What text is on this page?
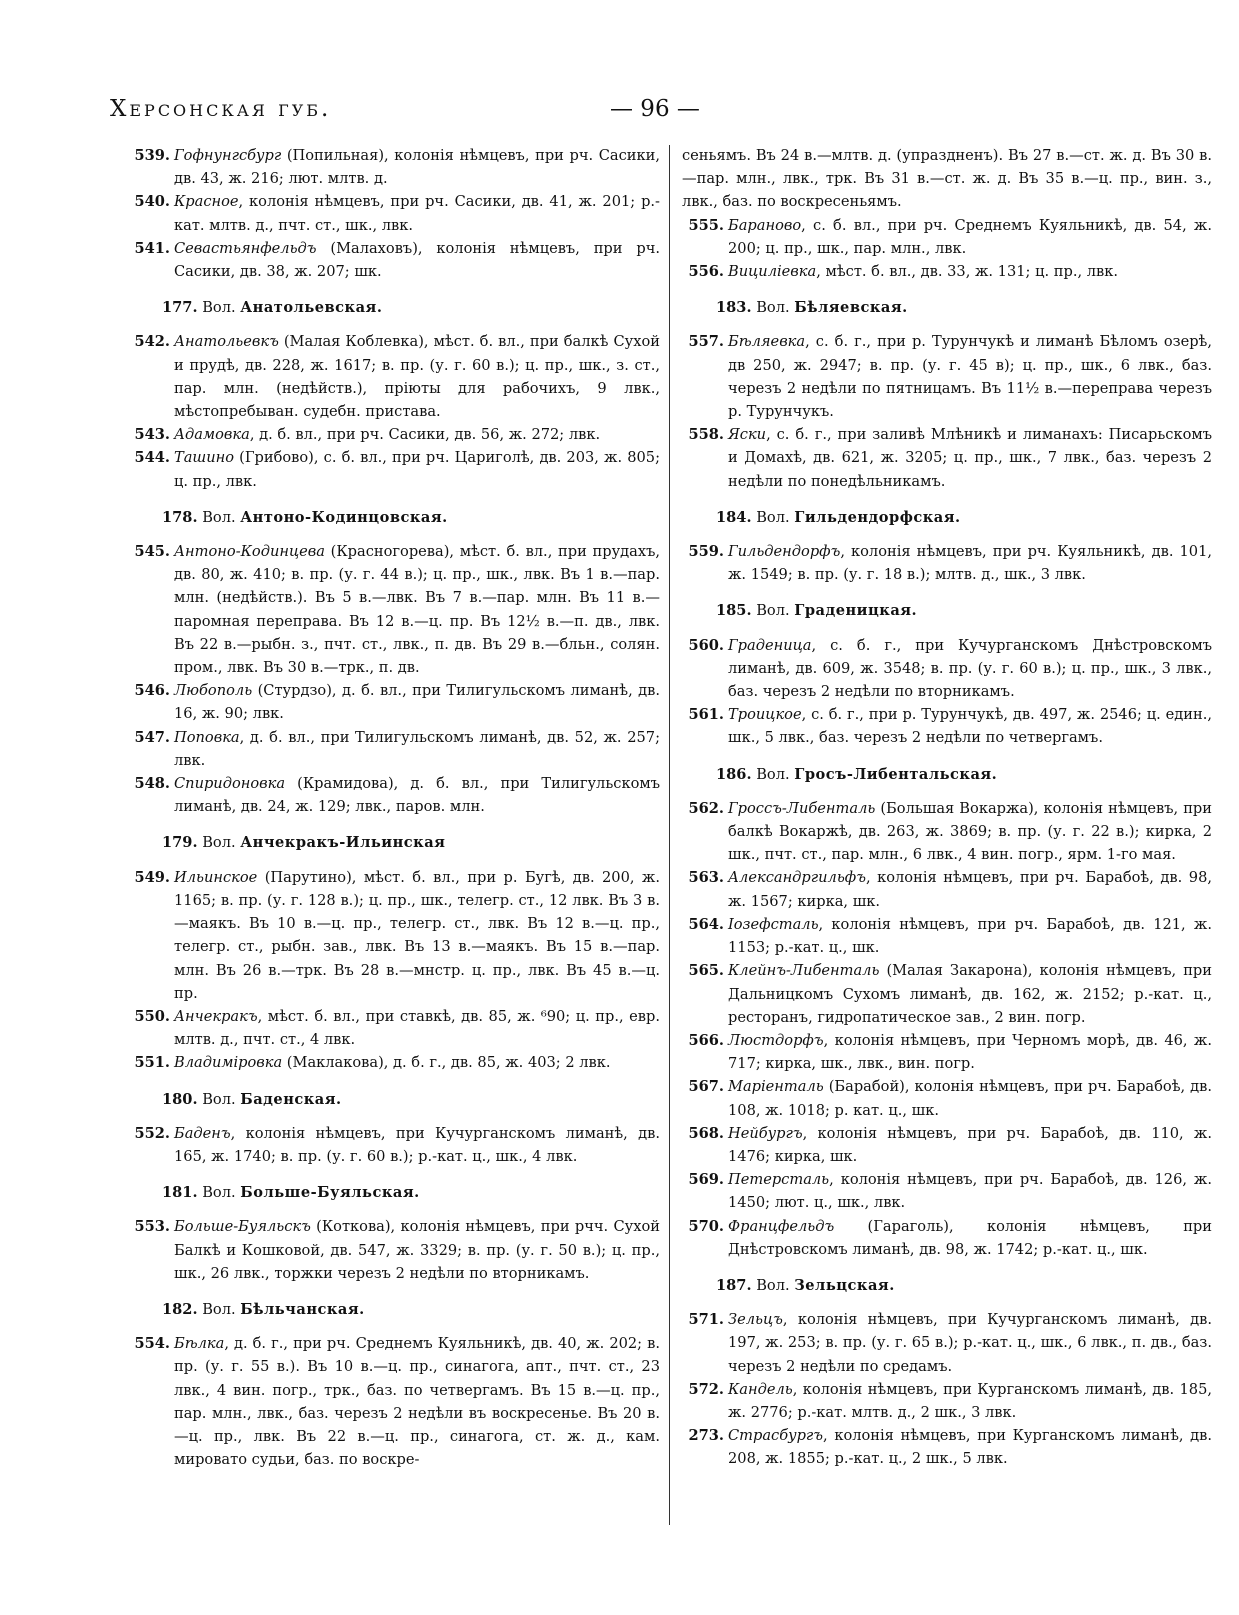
Херсонская губ.	— 96 —
539. Гофнунгсбург (Попильная), колонія нѣмцевъ, при рч. Сасики, дв. 43, ж. 216; лют. млтв. д.
540. Красное, колонія нѣмцевъ, при рч. Сасики, дв. 41, ж. 201; р.-кат. млтв. д., пчт. ст., шк., лвк.
541. Севастьянфельдъ (Малаховъ), колонія нѣмцевъ, при рч. Сасики, дв. 38, ж. 207; шк.
177. Вол. Анатольевская.
542. Анатольевкъ (Малая Коблевка), мѣст. б. вл., при балкѣ Сухой и прудѣ, дв. 228, ж. 1617; в. пр. (у. г. 60 в.); ц. пр., шк., з. ст., пар. млн. (недѣйств.), пріюты для рабочихъ, 9 лвк., мѣстопребыван. судебн. пристава.
543. Адамовка, д. б. вл., при рч. Сасики, дв. 56, ж. 272; лвк.
544. Ташино (Грибово), с. б. вл., при рч. Цариголѣ, дв. 203, ж. 805; ц. пр., лвк.
178. Вол. Антоно-Кодинцовская.
545. Антоно-Кодинцева (Красногорева), мѣст. б. вл., при прудахъ, дв. 80, ж. 410; в. пр. (у. г. 44 в.); ц. пр., шк., лвк. Въ 1 в.—пар. млн. (недѣйств.). Въ 5 в.—лвк. Въ 7 в.—пар. млн. Въ 11 в.—паромная переправа. Въ 12 в.—ц. пр. Въ 12½ в.—п. дв., лвк. Въ 22 в.—рыбн. з., пчт. ст., лвк., п. дв. Въ 29 в.—бльн., солян. пром., лвк. Въ 30 в.—трк., п. дв.
546. Любополь (Стурдзо), д. б. вл., при Тилигульскомъ лиманѣ, дв. 16, ж. 90; лвк.
547. Поповка, д. б. вл., при Тилигульскомъ лиманѣ, дв. 52, ж. 257; лвк.
548. Спиридоновка (Крамидова), д. б. вл., при Тилигульскомъ лиманѣ, дв. 24, ж. 129; лвк., паров. млн.
179. Вол. Анчекракъ-Ильинская
549. Ильинское (Парутино), мѣст. б. вл., при р. Бугѣ, дв. 200, ж. 1165; в. пр. (у. г. 128 в.); ц. пр., шк., телегр. ст., 12 лвк. Въ 3 в.—маякъ. Въ 10 в.—ц. пр., телегр. ст., лвк. Въ 12 в.—ц. пр., телегр. ст., рыбн. зав., лвк. Въ 13 в.—маякъ. Въ 15 в.—пар. млн. Въ 26 в.—трк. Въ 28 в.—мнстр. ц. пр., лвк. Въ 45 в.—ц. пр.
550. Анчекракъ, мѣст. б. вл., при ставкѣ, дв. 85, ж. ⁶90; ц. пр., евр. млтв. д., пчт. ст., 4 лвк.
551. Владиміровка (Маклакова), д. б. г., дв. 85, ж. 403; 2 лвк.
180. Вол. Баденская.
552. Баденъ, колонія нѣмцевъ, при Кучурганскомъ лиманѣ, дв. 165, ж. 1740; в. пр. (у. г. 60 в.); р.-кат. ц., шк., 4 лвк.
181. Вол. Больше-Буяльская.
553. Больше-Буяльскъ (Коткова), колонія нѣмцевъ, при рчч. Сухой Балкѣ и Кошковой, дв. 547, ж. 3329; в. пр. (у. г. 50 в.); ц. пр., шк., 26 лвк., торжки черезъ 2 недѣли по вторникамъ.
182. Вол. Бѣльчанская.
554. Бѣлка, д. б. г., при рч. Среднемъ Куяльникѣ, дв. 40, ж. 202; в. пр. (у. г. 55 в.). Въ 10 в.—ц. пр., синагога, апт., пчт. ст., 23 лвк., 4 вин. погр., трк., баз. по четвергамъ. Въ 15 в.—ц. пр., пар. млн., лвк., баз. черезъ 2 недѣли въ воскресенье. Въ 20 в.—ц. пр., лвк. Въ 22 в.—ц. пр., синагога, ст. ж. д., кам. мировато судьи, баз. по воскре-
сеньямъ. Въ 24 в.—млтв. д. (упраздненъ). Въ 27 в.—ст. ж. д. Въ 30 в.—пар. млн., лвк., трк. Въ 31 в.—ст. ж. д. Въ 35 в.—ц. пр., вин. з., лвк., баз. по воскресеньямъ.
555. Бараново, с. б. вл., при рч. Среднемъ Куяльникѣ, дв. 54, ж. 200; ц. пр., шк., пар. млн., лвк.
556. Вициліевка, мѣст. б. вл., дв. 33, ж. 131; ц. пр., лвк.
183. Вол. Бѣляевская.
557. Бѣляевка, с. б. г., при р. Турунчукѣ и лиманѣ Бѣломъ озерѣ, дв 250, ж. 2947; в. пр. (у. г. 45 в); ц. пр., шк., 6 лвк., баз. черезъ 2 недѣли по пятницамъ. Въ 11½ в.—переправа черезъ р. Турунчукъ.
558. Яски, с. б. г., при заливѣ Млѣникѣ и лиманахъ: Писарьскомъ и Домахѣ, дв. 621, ж. 3205; ц. пр., шк., 7 лвк., баз. черезъ 2 недѣли по понедѣльникамъ.
184. Вол. Гильдендорфская.
559. Гильдендорфъ, колонія нѣмцевъ, при рч. Куяльникѣ, дв. 101, ж. 1549; в. пр. (у. г. 18 в.); млтв. д., шк., 3 лвк.
185. Вол. Граденицкая.
560. Граденица, с. б. г., при Кучурганскомъ Днѣстровскомъ лиманѣ, дв. 609, ж. 3548; в. пр. (у. г. 60 в.); ц. пр., шк., 3 лвк., баз. черезъ 2 недѣли по вторникамъ.
561. Троицкое, с. б. г., при р. Турунчукѣ, дв. 497, ж. 2546; ц. един., шк., 5 лвк., баз. черезъ 2 недѣли по четвергамъ.
186. Вол. Гросъ-Либентальская.
562. Гроссъ-Либенталь (Большая Вокаржа), колонія нѣмцевъ, при балкѣ Вокаржѣ, дв. 263, ж. 3869; в. пр. (у. г. 22 в.); кирка, 2 шк., пчт. ст., пар. млн., 6 лвк., 4 вин. погр., ярм. 1-го мая.
563. Александргильфъ, колонія нѣмцевъ, при рч. Барабоѣ, дв. 98, ж. 1567; кирка, шк.
564. Іозефсталь, колонія нѣмцевъ, при рч. Барабоѣ, дв. 121, ж. 1153; р.-кат. ц., шк.
565. Клейнъ-Либенталь (Малая Закарона), колонія нѣмцевъ, при Дальницкомъ Сухомъ лиманѣ, дв. 162, ж. 2152; р.-кат. ц., ресторанъ, гидропатическое зав., 2 вин. погр.
566. Люстдорфъ, колонія нѣмцевъ, при Черномъ морѣ, дв. 46, ж. 717; кирка, шк., лвк., вин. погр.
567. Маріенталь (Барабой), колонія нѣмцевъ, при рч. Барабоѣ, дв. 108, ж. 1018; р. кат. ц., шк.
568. Нейбургъ, колонія нѣмцевъ, при рч. Барабоѣ, дв. 110, ж. 1476; кирка, шк.
569. Петерсталь, колонія нѣмцевъ, при рч. Барабоѣ, дв. 126, ж. 1450; лют. ц., шк., лвк.
570. Францфельдъ (Гараголь), колонія нѣмцевъ, при Днѣстровскомъ лиманѣ, дв. 98, ж. 1742; р.-кат. ц., шк.
187. Вол. Зельцская.
571. Зельцъ, колонія нѣмцевъ, при Кучурганскомъ лиманѣ, дв. 197, ж. 253; в. пр. (у. г. 65 в.); р.-кат. ц., шк., 6 лвк., п. дв., баз. черезъ 2 недѣли по средамъ.
572. Кандель, колонія нѣмцевъ, при Курганскомъ лиманѣ, дв. 185, ж. 2776; р.-кат. млтв. д., 2 шк., 3 лвк.
273. Страсбургъ, колонія нѣмцевъ, при Курганскомъ лиманѣ, дв. 208, ж. 1855; р.-кат. ц., 2 шк., 5 лвк.
